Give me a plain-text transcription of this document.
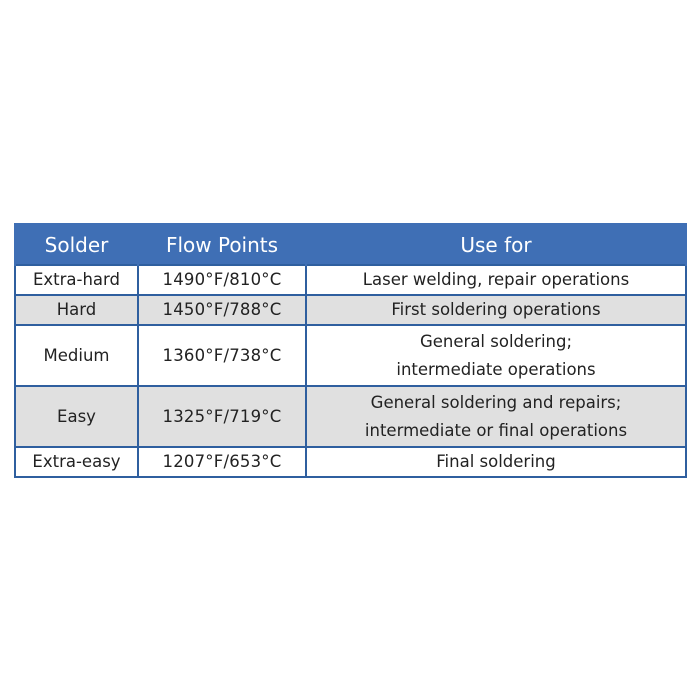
Solder	Flow Points	Use for
Extra-hard	1490°F/810°C	Laser welding, repair operations

Hard	1450°F/788°C	First soldering operations

Medium	1360°F/738°C	General soldering;
intermediate operations

Easy	1325°F/719°C	General soldering and repairs;
intermediate or final operations

Extra-easy	1207°F/653°C	Final soldering
